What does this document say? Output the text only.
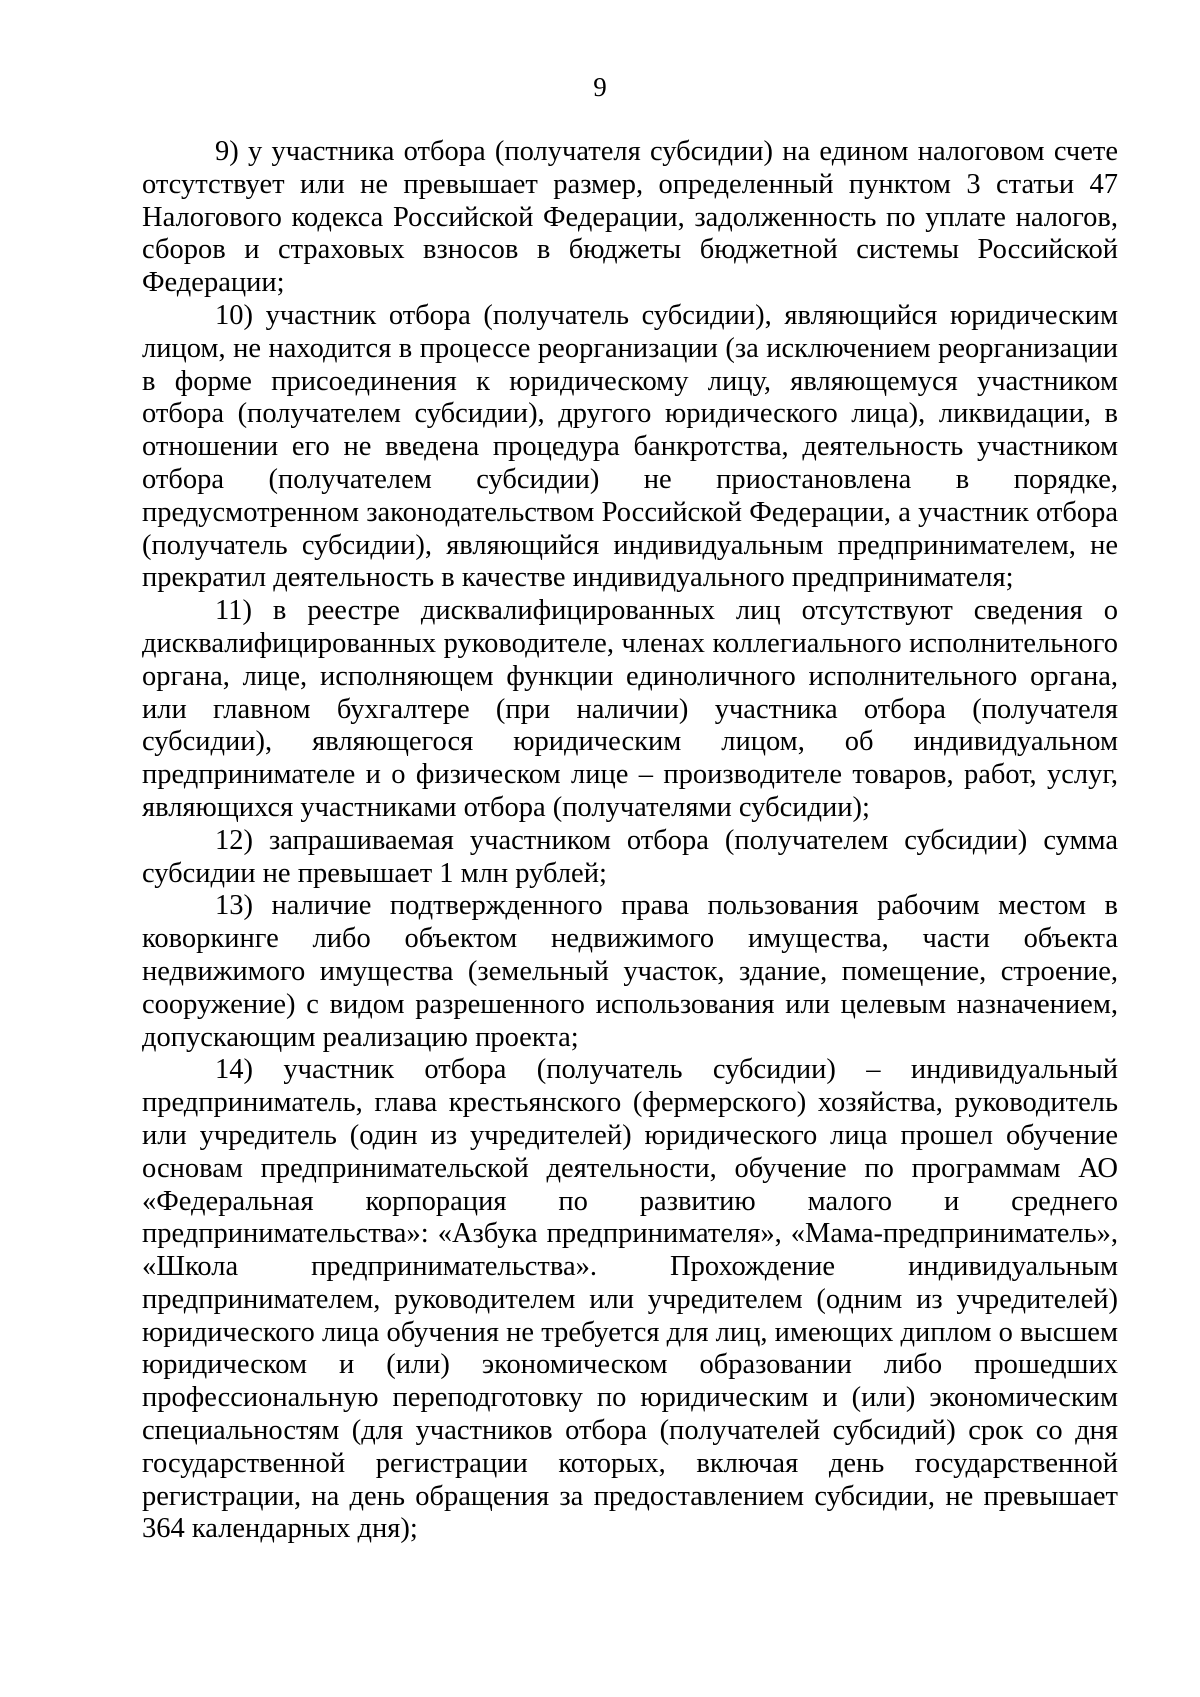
9

9) у участника отбора (получателя субсидии) на едином налоговом счете отсутствует или не превышает размер, определенный пунктом 3 статьи 47 Налогового кодекса Российской Федерации, задолженность по уплате налогов, сборов и страховых взносов в бюджеты бюджетной системы Российской Федерации;

10) участник отбора (получатель субсидии), являющийся юридическим лицом, не находится в процессе реорганизации (за исключением реорганизации в форме присоединения к юридическому лицу, являющемуся участником отбора (получателем субсидии), другого юридического лица), ликвидации, в отношении его не введена процедура банкротства, деятельность участником отбора (получателем субсидии) не приостановлена в порядке, предусмотренном законодательством Российской Федерации, а участник отбора (получатель субсидии), являющийся индивидуальным предпринимателем, не прекратил деятельность в качестве индивидуального предпринимателя;

11) в реестре дисквалифицированных лиц отсутствуют сведения о дисквалифицированных руководителе, членах коллегиального исполнительного органа, лице, исполняющем функции единоличного исполнительного органа, или главном бухгалтере (при наличии) участника отбора (получателя субсидии), являющегося юридическим лицом, об индивидуальном предпринимателе и о физическом лице – производителе товаров, работ, услуг, являющихся участниками отбора (получателями субсидии);

12) запрашиваемая участником отбора (получателем субсидии) сумма субсидии не превышает 1 млн рублей;

13) наличие подтвержденного права пользования рабочим местом в коворкинге либо объектом недвижимого имущества, части объекта недвижимого имущества (земельный участок, здание, помещение, строение, сооружение) с видом разрешенного использования или целевым назначением, допускающим реализацию проекта;

14) участник отбора (получатель субсидии) – индивидуальный предприниматель, глава крестьянского (фермерского) хозяйства, руководитель или учредитель (один из учредителей) юридического лица прошел обучение основам предпринимательской деятельности, обучение по программам АО «Федеральная корпорация по развитию малого и среднего предпринимательства»: «Азбука предпринимателя», «Мама-предприниматель», «Школа предпринимательства». Прохождение индивидуальным предпринимателем, руководителем или учредителем (одним из учредителей) юридического лица обучения не требуется для лиц, имеющих диплом о высшем юридическом и (или) экономическом образовании либо прошедших профессиональную переподготовку по юридическим и (или) экономическим специальностям (для участников отбора (получателей субсидий) срок со дня государственной регистрации которых, включая день государственной регистрации, на день обращения за предоставлением субсидии, не превышает 364 календарных дня);
